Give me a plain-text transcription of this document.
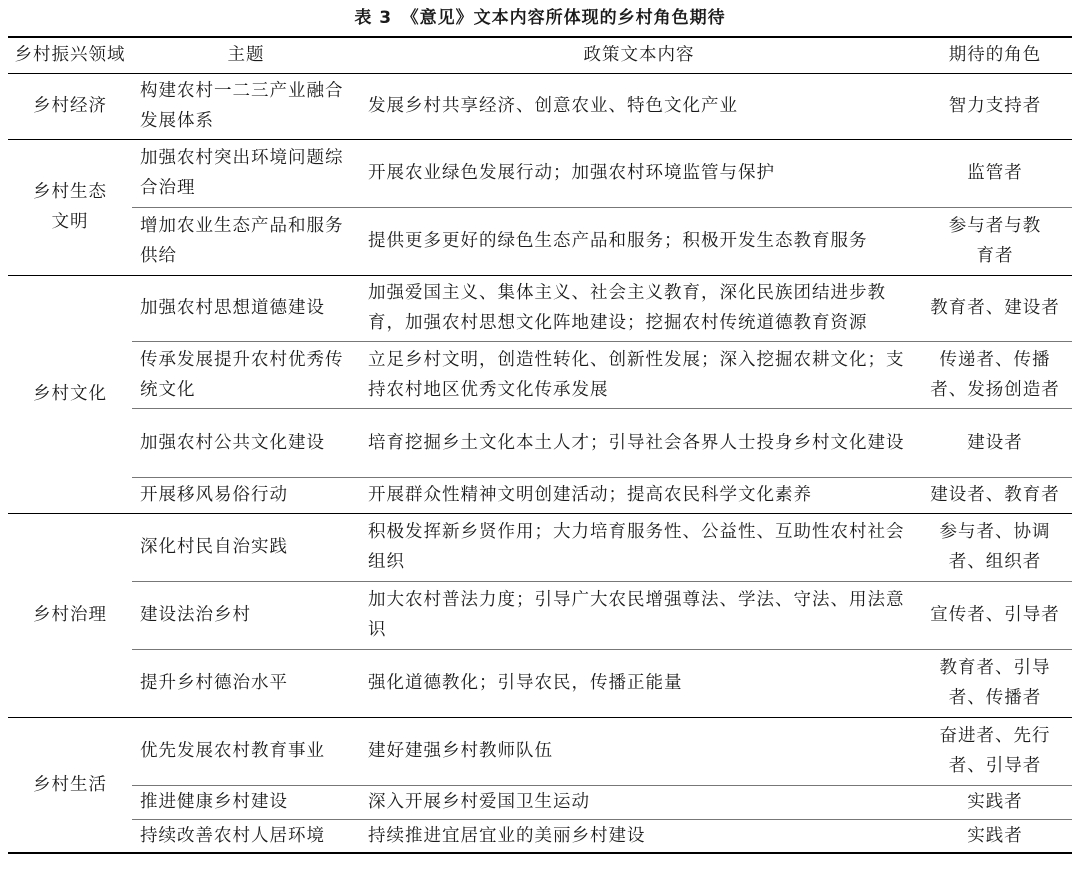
表 3　《意见》文本内容所体现的乡村角色期待
乡村振兴领域	主题	政策文本内容	期待的角色
乡村经济	构建农村一二三产业融合发展体系	发展乡村共享经济、创意农业、特色文化产业	智力支持者
乡村生态文明	加强农村突出环境问题综合治理	开展农业绿色发展行动；加强农村环境监管与保护	监管者
	增加农业生态产品和服务供给	提供更多更好的绿色生态产品和服务；积极开发生态教育服务	参与者与教育者
乡村文化	加强农村思想道德建设	加强爱国主义、集体主义、社会主义教育，深化民族团结进步教育，加强农村思想文化阵地建设；挖掘农村传统道德教育资源	教育者、建设者
	传承发展提升农村优秀传统文化	立足乡村文明，创造性转化、创新性发展；深入挖掘农耕文化；支持农村地区优秀文化传承发展	传递者、传播者、发扬创造者
	加强农村公共文化建设	培育挖掘乡土文化本土人才；引导社会各界人士投身乡村文化建设	建设者
	开展移风易俗行动	开展群众性精神文明创建活动；提高农民科学文化素养	建设者、教育者
乡村治理	深化村民自治实践	积极发挥新乡贤作用；大力培育服务性、公益性、互助性农村社会组织	参与者、协调者、组织者
	建设法治乡村	加大农村普法力度；引导广大农民增强尊法、学法、守法、用法意识	宣传者、引导者
	提升乡村德治水平	强化道德教化；引导农民，传播正能量	教育者、引导者、传播者
乡村生活	优先发展农村教育事业	建好建强乡村教师队伍	奋进者、先行者、引导者
	推进健康乡村建设	深入开展乡村爱国卫生运动	实践者
	持续改善农村人居环境	持续推进宜居宜业的美丽乡村建设	实践者
